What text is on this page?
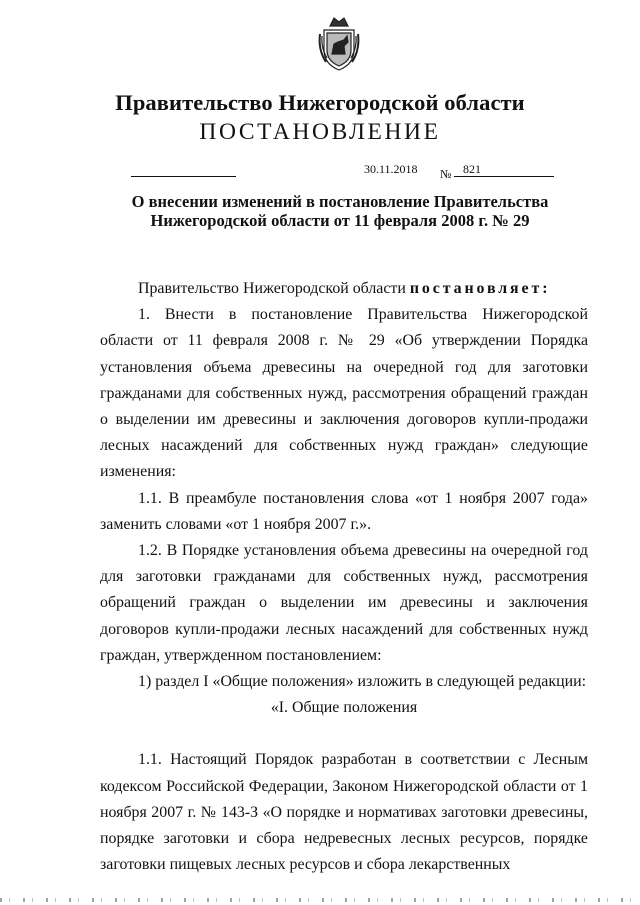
Правительство Нижегородской области
ПОСТАНОВЛЕНИЕ
30.11.2018 № 821
О внесении изменений в постановление Правительства
Нижегородской области от 11 февраля 2008 г. № 29

Правительство Нижегородской области постановляет:

1. Внести в постановление Правительства Нижегородской области от 11 февраля 2008 г. № 29 «Об утверждении Порядка установления объема древесины на очередной год для заготовки гражданами для собственных нужд, рассмотрения обращений граждан о выделении им древесины и заключения договоров купли-продажи лесных насаждений для собственных нужд граждан» следующие изменения:

1.1. В преамбуле постановления слова «от 1 ноября 2007 года» заменить словами «от 1 ноября 2007 г.».

1.2. В Порядке установления объема древесины на очередной год для заготовки гражданами для собственных нужд, рассмотрения обращений граждан о выделении им древесины и заключения договоров купли-продажи лесных насаждений для собственных нужд граждан, утвержденном постановлением:

1) раздел I «Общие положения» изложить в следующей редакции:

«I. Общие положения

1.1. Настоящий Порядок разработан в соответствии с Лесным кодексом Российской Федерации, Законом Нижегородской области от 1 ноября 2007 г. № 143-З «О порядке и нормативах заготовки древесины, порядке заготовки и сбора недревесных лесных ресурсов, порядке заготовки пищевых лесных ресурсов и сбора лекарственных
